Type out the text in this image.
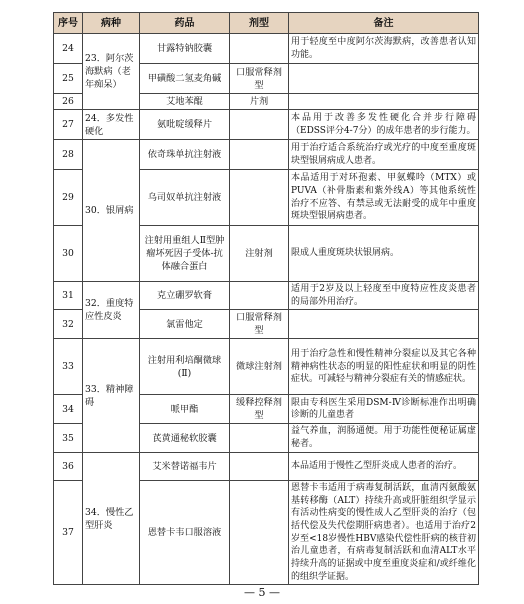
序号	病种	药品	剂型	备注
24	23．阿尔茨海默病（老年痴呆）	甘露特钠胶囊		用于轻度至中度阿尔茨海默病，改善患者认知功能。
25		甲磺酸二氢麦角碱	口服常释剂型	
26		艾地苯醌	片剂	
27	24．多发性硬化	氨吡啶缓释片		本品用于改善多发性硬化合并步行障碍（EDSS评分4-7分）的成年患者的步行能力。
28	30．银屑病	依奇珠单抗注射液		用于治疗适合系统治疗或光疗的中度至重度斑块型银屑病成人患者。
29		乌司奴单抗注射液		本品适用于对环孢素、甲氨蝶呤（MTX）或PUVA（补骨脂素和紫外线A）等其他系统性治疗不应答、有禁忌或无法耐受的成年中重度斑块型银屑病患者。
30		注射用重组人Ⅱ型肿瘤坏死因子受体-抗体融合蛋白	注射剂	限成人重度斑块状银屑病。
31	32．重度特应性皮炎	克立硼罗软膏		适用于2岁及以上轻度至中度特应性皮炎患者的局部外用治疗。
32		氯雷他定	口服常释剂型	
33	33．精神障碍	注射用利培酮微球(Ⅱ)	微球注射剂	用于治疗急性和慢性精神分裂症以及其它各种精神病性状态的明显的阳性症状和明显的阴性症状。可减轻与精神分裂症有关的情感症状。
34		哌甲酯	缓释控释剂型	限由专科医生采用DSM-Ⅳ诊断标准作出明确诊断的儿童患者
35		芪黄通秘软胶囊		益气养血，润肠通便。用于功能性便秘证属虚秘者。
36	34．慢性乙型肝炎	艾米替诺福韦片		本品适用于慢性乙型肝炎成人患者的治疗。
37		恩替卡韦口服溶液		恩替卡韦适用于病毒复制活跃，血清丙氨酸氨基转移酶（ALT）持续升高或肝脏组织学显示有活动性病变的慢性成人乙型肝炎的治疗（包括代偿及失代偿期肝病患者）。也适用于治疗2岁至<18岁慢性HBV感染代偿性肝病的核苷初治儿童患者，有病毒复制活跃和血清ALT水平持续升高的证据或中度至重度炎症和/或纤维化的组织学证据。
— 5 —
